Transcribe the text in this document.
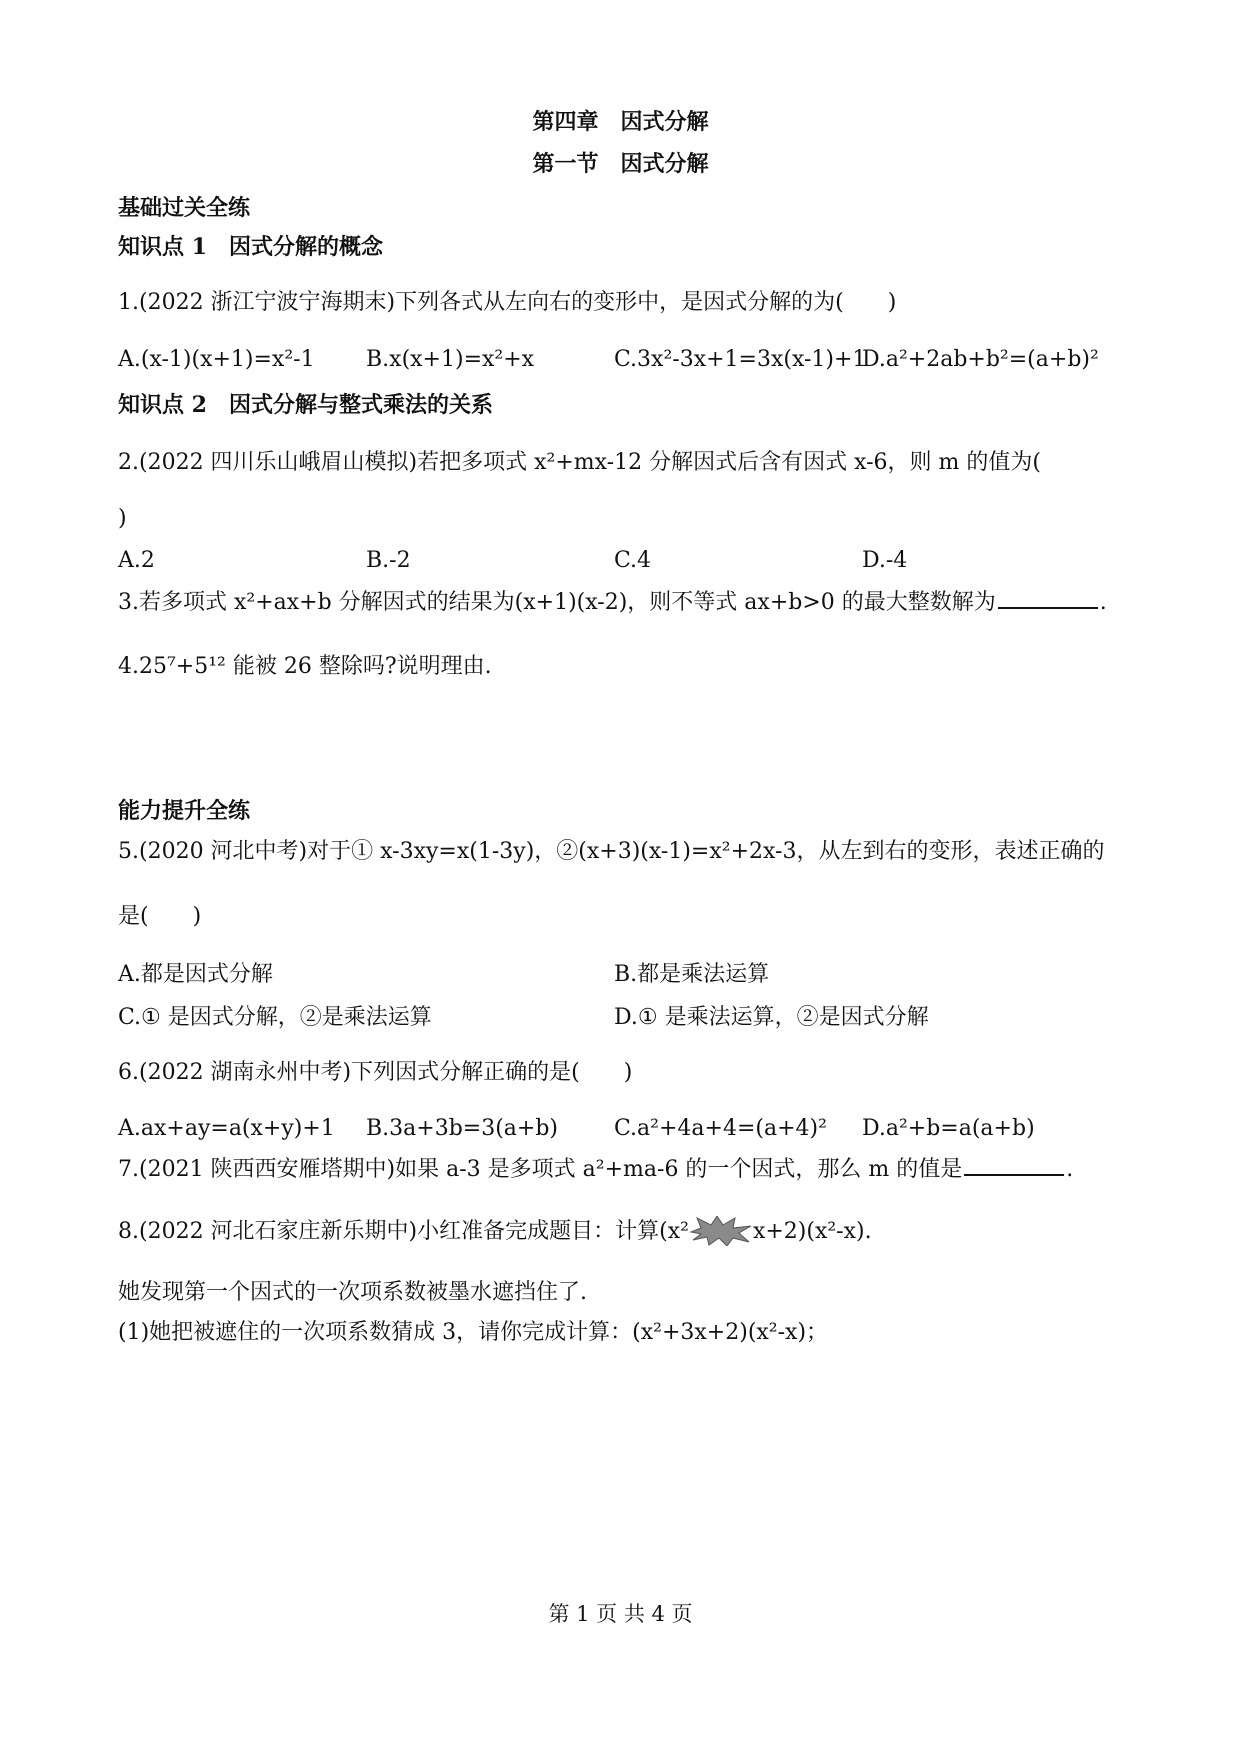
第四章　因式分解
第一节　因式分解
基础过关全练
知识点 1　因式分解的概念
1.(2022 浙江宁波宁海期末)下列各式从左向右的变形中，是因式分解的为(　　)
A.(x-1)(x+1)=x²-1 B.x(x+1)=x²+x	C.3x²-3x+1=3x(x-1)+1
D.a²+2ab+b²=(a+b)²
知识点 2　因式分解与整式乘法的关系
2.(2022 四川乐山峨眉山模拟)若把多项式 x²+mx-12 分解因式后含有因式 x-6，则 m 的值为(
)
A.2	B.-2	C.4	D.-4
3.若多项式 x²+ax+b 分解因式的结果为(x+1)(x-2)，则不等式 ax+b>0 的最大整数解为	.
4.25⁷+5¹² 能被 26 整除吗?说明理由.
能力提升全练
5.(2020 河北中考)对于① x-3xy=x(1-3y)，②(x+3)(x-1)=x²+2x-3，从左到右的变形，表述正确的
是(　　)
A.都是因式分解	B.都是乘法运算
C.① 是因式分解，②是乘法运算	D.① 是乘法运算，②是因式分解
6.(2022 湖南永州中考)下列因式分解正确的是(　　)
A.ax+ay=a(x+y)+1 B.3a+3b=3(a+b)	C.a²+4a+4=(a+4)² D.a²+b=a(a+b)
7.(2021 陕西西安雁塔期中)如果 a-3 是多项式 a²+ma-6 的一个因式，那么 m 的值是	.
8.(2022 河北石家庄新乐期中)小红准备完成题目：计算(x²	x+2)(x²-x).
她发现第一个因式的一次项系数被墨水遮挡住了.
(1)她把被遮住的一次项系数猜成 3，请你完成计算：(x²+3x+2)(x²-x)；
第 1 页 共 4 页
